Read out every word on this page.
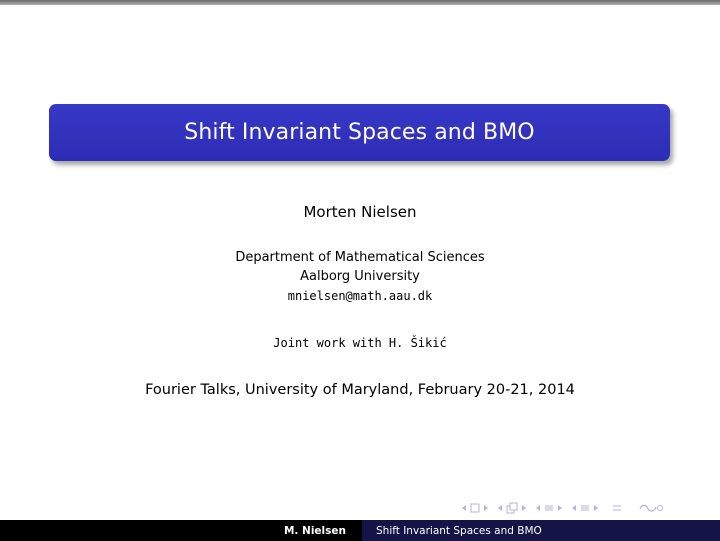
Shift Invariant Spaces and BMO
Morten Nielsen
Department of Mathematical Sciences
Aalborg University
mnielsen@math.aau.dk
Joint work with H. Šikić
Fourier Talks, University of Maryland, February 20-21, 2014
M. Nielsen	Shift Invariant Spaces and BMO
